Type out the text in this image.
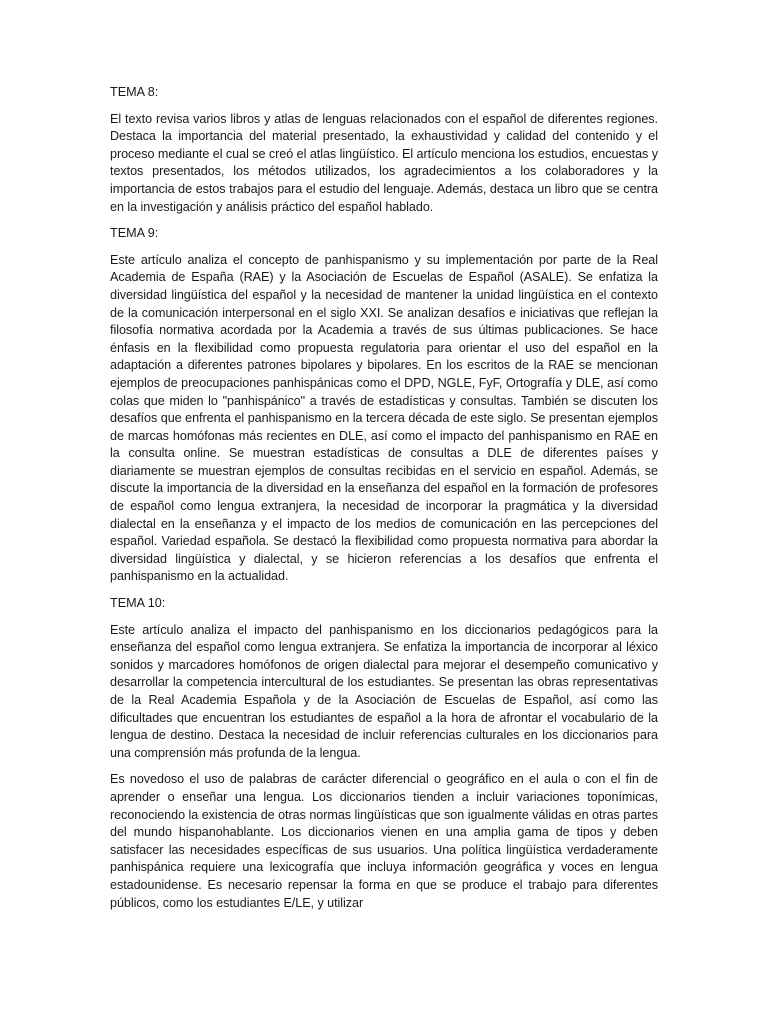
TEMA 8:

El texto revisa varios libros y atlas de lenguas relacionados con el español de diferentes regiones. Destaca la importancia del material presentado, la exhaustividad y calidad del contenido y el proceso mediante el cual se creó el atlas lingüístico. El artículo menciona los estudios, encuestas y textos presentados, los métodos utilizados, los agradecimientos a los colaboradores y la importancia de estos trabajos para el estudio del lenguaje. Además, destaca un libro que se centra en la investigación y análisis práctico del español hablado.

TEMA 9:

Este artículo analiza el concepto de panhispanismo y su implementación por parte de la Real Academia de España (RAE) y la Asociación de Escuelas de Español (ASALE). Se enfatiza la diversidad lingüística del español y la necesidad de mantener la unidad lingüística en el contexto de la comunicación interpersonal en el siglo XXI. Se analizan desafíos e iniciativas que reflejan la filosofía normativa acordada por la Academia a través de sus últimas publicaciones. Se hace énfasis en la flexibilidad como propuesta regulatoria para orientar el uso del español en la adaptación a diferentes patrones bipolares y bipolares. En los escritos de la RAE se mencionan ejemplos de preocupaciones panhispánicas como el DPD, NGLE, FyF, Ortografía y DLE, así como colas que miden lo "panhispánico" a través de estadísticas y consultas. También se discuten los desafíos que enfrenta el panhispanismo en la tercera década de este siglo. Se presentan ejemplos de marcas homófonas más recientes en DLE, así como el impacto del panhispanismo en RAE en la consulta online. Se muestran estadísticas de consultas a DLE de diferentes países y diariamente se muestran ejemplos de consultas recibidas en el servicio en español. Además, se discute la importancia de la diversidad en la enseñanza del español en la formación de profesores de español como lengua extranjera, la necesidad de incorporar la pragmática y la diversidad dialectal en la enseñanza y el impacto de los medios de comunicación en las percepciones del español. Variedad española. Se destacó la flexibilidad como propuesta normativa para abordar la diversidad lingüística y dialectal, y se hicieron referencias a los desafíos que enfrenta el panhispanismo en la actualidad.

TEMA 10:

Este artículo analiza el impacto del panhispanismo en los diccionarios pedagógicos para la enseñanza del español como lengua extranjera. Se enfatiza la importancia de incorporar al léxico sonidos y marcadores homófonos de origen dialectal para mejorar el desempeño comunicativo y desarrollar la competencia intercultural de los estudiantes. Se presentan las obras representativas de la Real Academia Española y de la Asociación de Escuelas de Español, así como las dificultades que encuentran los estudiantes de español a la hora de afrontar el vocabulario de la lengua de destino. Destaca la necesidad de incluir referencias culturales en los diccionarios para una comprensión más profunda de la lengua.

Es novedoso el uso de palabras de carácter diferencial o geográfico en el aula o con el fin de aprender o enseñar una lengua. Los diccionarios tienden a incluir variaciones toponímicas, reconociendo la existencia de otras normas lingüísticas que son igualmente válidas en otras partes del mundo hispanohablante. Los diccionarios vienen en una amplia gama de tipos y deben satisfacer las necesidades específicas de sus usuarios. Una política lingüística verdaderamente panhispánica requiere una lexicografía que incluya información geográfica y voces en lengua estadounidense. Es necesario repensar la forma en que se produce el trabajo para diferentes públicos, como los estudiantes E/LE, y utilizar
